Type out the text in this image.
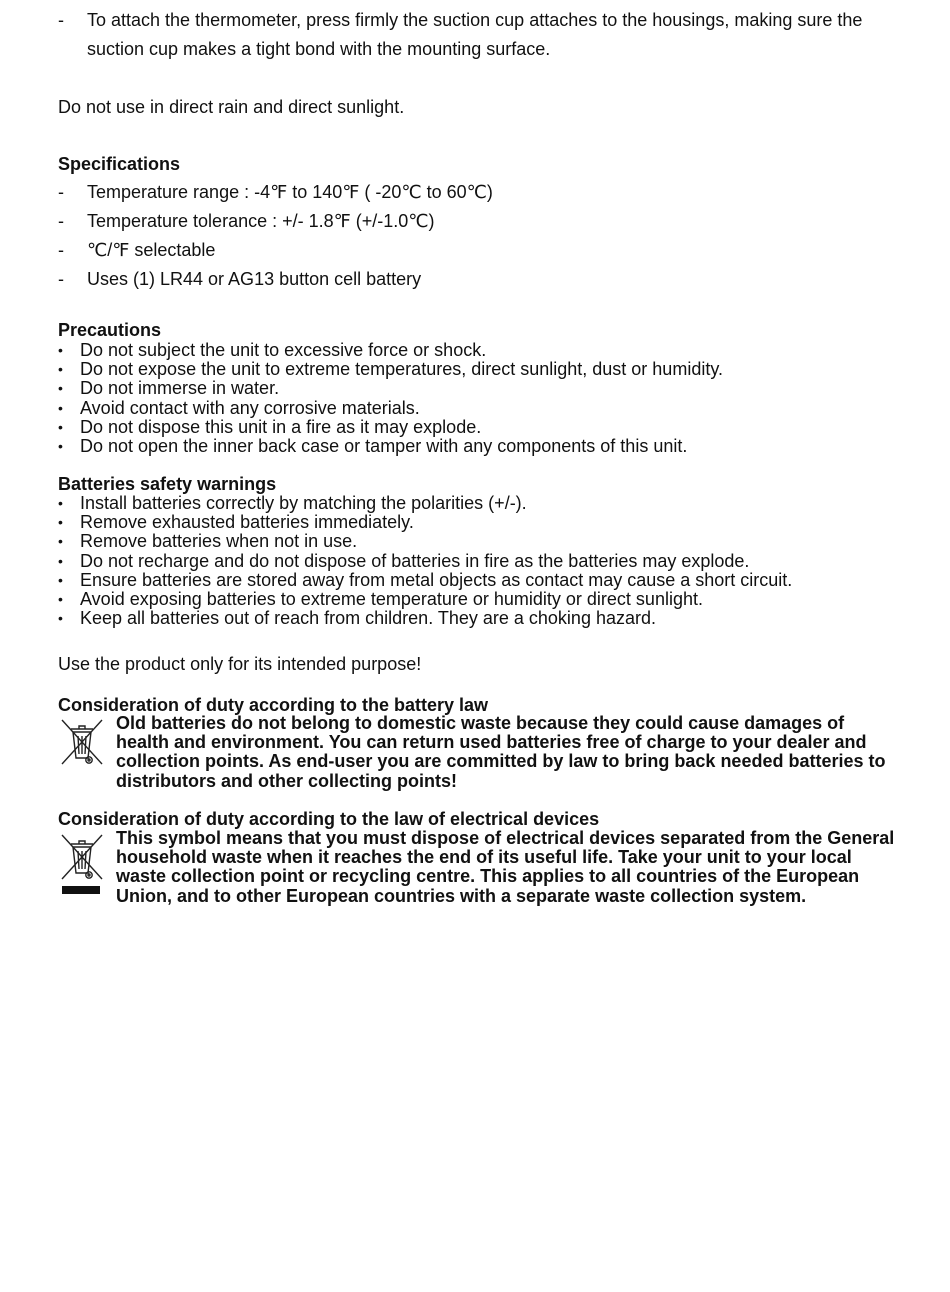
- To attach the thermometer, press firmly the suction cup attaches to the housings, making sure the suction cup makes a tight bond with the mounting surface.
Do not use in direct rain and direct sunlight.
Specifications
- Temperature range : -4℉ to 140℉ ( -20℃ to 60℃)
- Temperature tolerance : +/- 1.8℉ (+/-1.0℃)
- ℃/℉ selectable
- Uses (1) LR44 or AG13 button cell battery
Precautions
• Do not subject the unit to excessive force or shock.
• Do not expose the unit to extreme temperatures, direct sunlight, dust or humidity.
• Do not immerse in water.
• Avoid contact with any corrosive materials.
• Do not dispose this unit in a fire as it may explode.
• Do not open the inner back case or tamper with any components of this unit.
Batteries safety warnings
• Install batteries correctly by matching the polarities (+/-).
• Remove exhausted batteries immediately.
• Remove batteries when not in use.
• Do not recharge and do not dispose of batteries in fire as the batteries may explode.
• Ensure batteries are stored away from metal objects as contact may cause a short circuit.
• Avoid exposing batteries to extreme temperature or humidity or direct sunlight.
• Keep all batteries out of reach from children. They are a choking hazard.
Use the product only for its intended purpose!
Consideration of duty according to the battery law
Old batteries do not belong to domestic waste because they could cause damages of health and environment. You can return used batteries free of charge to your dealer and collection points. As end-user you are committed by law to bring back needed batteries to distributors and other collecting points!
Consideration of duty according to the law of electrical devices
This symbol means that you must dispose of electrical devices separated from the General household waste when it reaches the end of its useful life. Take your unit to your local waste collection point or recycling centre. This applies to all countries of the European Union, and to other European countries with a separate waste collection system.
